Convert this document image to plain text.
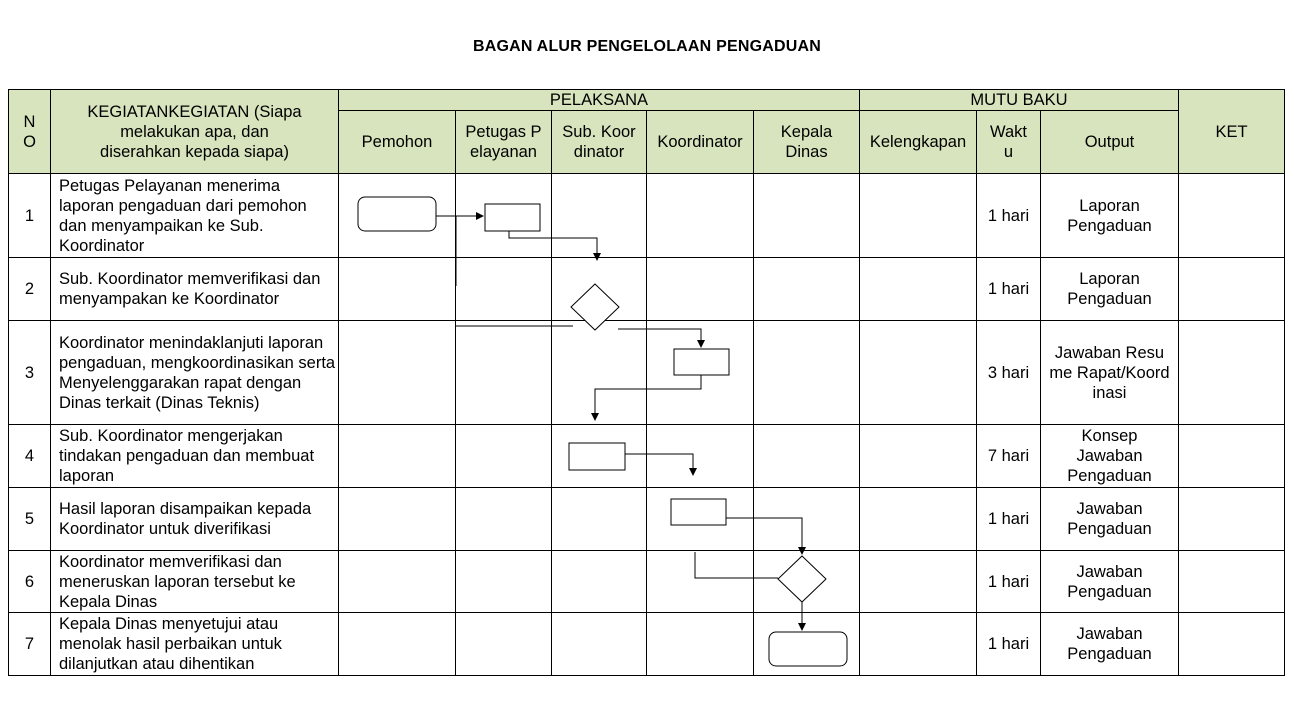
BAGAN ALUR PENGELOLAAN PENGADUAN
N O	KEGIATANKEGIATAN (Siapa melakukan apa, dan diserahkan kepada siapa)	PELAKSANA					MUTU BAKU			KET
		Pemohon	Petugas Pelayanan	Sub. Koordinator	Koordinator	Kepala Dinas	Kelengkapan	Waktu	Output	
1	Petugas Pelayanan menerima laporan pengaduan dari pemohon dan menyampaikan ke Sub. Koordinator							1 hari	Laporan Pengaduan	
2	Sub. Koordinator memverifikasi dan menyampakan ke Koordinator							1 hari	Laporan Pengaduan	
3	Koordinator menindaklanjuti laporan pengaduan, mengkoordinasikan serta Menyelenggarakan rapat dengan Dinas terkait (Dinas Teknis)							3 hari	Jawaban Resume Rapat/Koordinasi	
4	Sub. Koordinator mengerjakan tindakan pengaduan dan membuat laporan							7 hari	Konsep Jawaban Pengaduan	
5	Hasil laporan disampaikan kepada Koordinator untuk diverifikasi							1 hari	Jawaban Pengaduan	
6	Koordinator memverifikasi dan meneruskan laporan tersebut ke Kepala Dinas							1 hari	Jawaban Pengaduan	
7	Kepala Dinas menyetujui atau menolak hasil perbaikan untuk dilanjutkan atau dihentikan							1 hari	Jawaban Pengaduan	
